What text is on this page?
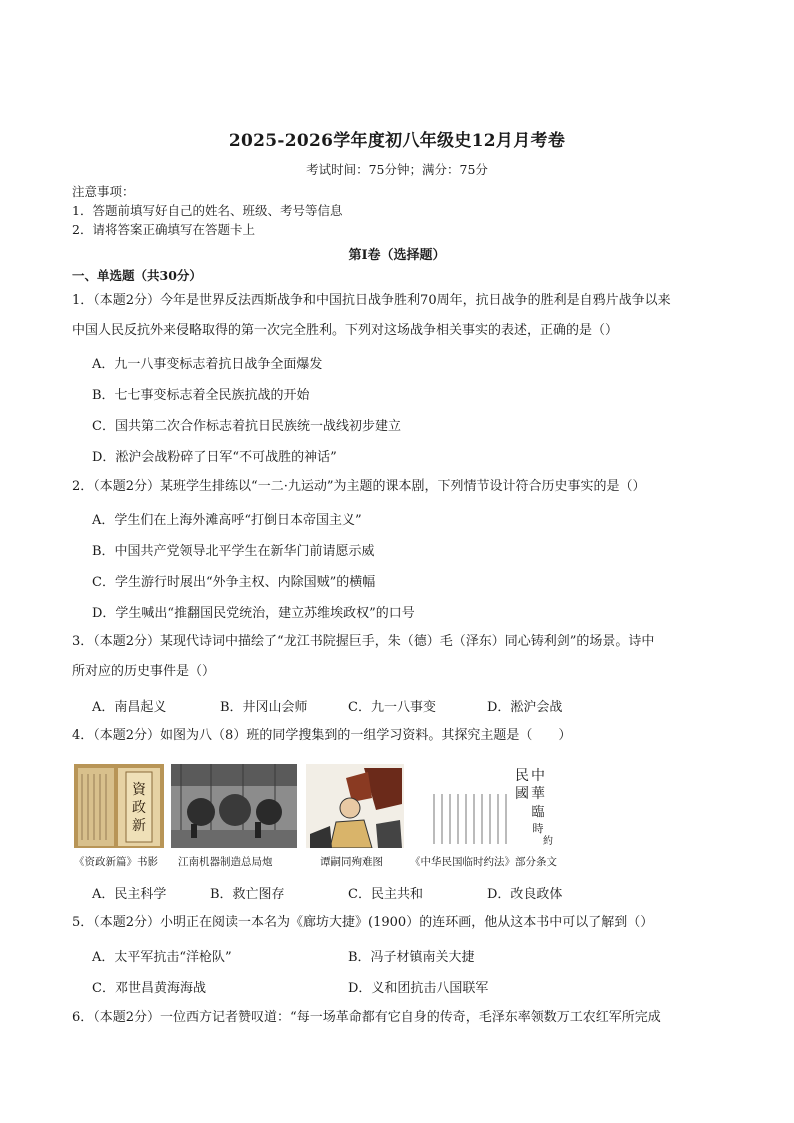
2025-2026学年度初八年级史12月月考卷
考试时间：75分钟；满分：75分
注意事项：
1．答题前填写好自己的姓名、班级、考号等信息
2．请将答案正确填写在答题卡上
第Ⅰ卷（选择题）
一、单选题（共30分）
1．（本题2分）今年是世界反法西斯战争和中国抗日战争胜利70周年，抗日战争的胜利是自鸦片战争以来
中国人民反抗外来侵略取得的第一次完全胜利。下列对这场战争相关事实的表述，正确的是（）
A．九一八事变标志着抗日战争全面爆发
B．七七事变标志着全民族抗战的开始
C．国共第二次合作标志着抗日民族统一战线初步建立
D．淞沪会战粉碎了日军“不可战胜的神话”
2．（本题2分）某班学生排练以“一二·九运动”为主题的课本剧，下列情节设计符合历史事实的是（）
A．学生们在上海外滩高呼“打倒日本帝国主义”
B．中国共产党领导北平学生在新华门前请愿示威
C．学生游行时展出“外争主权、内除国贼”的横幅
D．学生喊出“推翻国民党统治，建立苏维埃政权”的口号
3．（本题2分）某现代诗词中描绘了“龙江书院握巨手，朱（德）毛（泽东）同心铸利剑”的场景。诗中
所对应的历史事件是（）
A．南昌起义	B．井冈山会师	C．九一八事变	D．淞沪会战
4．（本题2分）如图为八（8）班的同学搜集到的一组学习资料。其探究主题是（　　）
資
政
新
中
華
民
國
臨
時
約
《资政新篇》书影 江南机器制造总局炮	谭嗣同殉难图	《中华民国临时约法》部分条文
A．民主科学	B．救亡图存	C．民主共和	D．改良政体
5．（本题2分）小明正在阅读一本名为《廊坊大捷》(1900）的连环画，他从这本书中可以了解到（）
A．太平军抗击“洋枪队”	B．冯子材镇南关大捷
C．邓世昌黄海海战	D．义和团抗击八国联军
6．（本题2分）一位西方记者赞叹道：“每一场革命都有它自身的传奇，毛泽东率领数万工农红军所完成
